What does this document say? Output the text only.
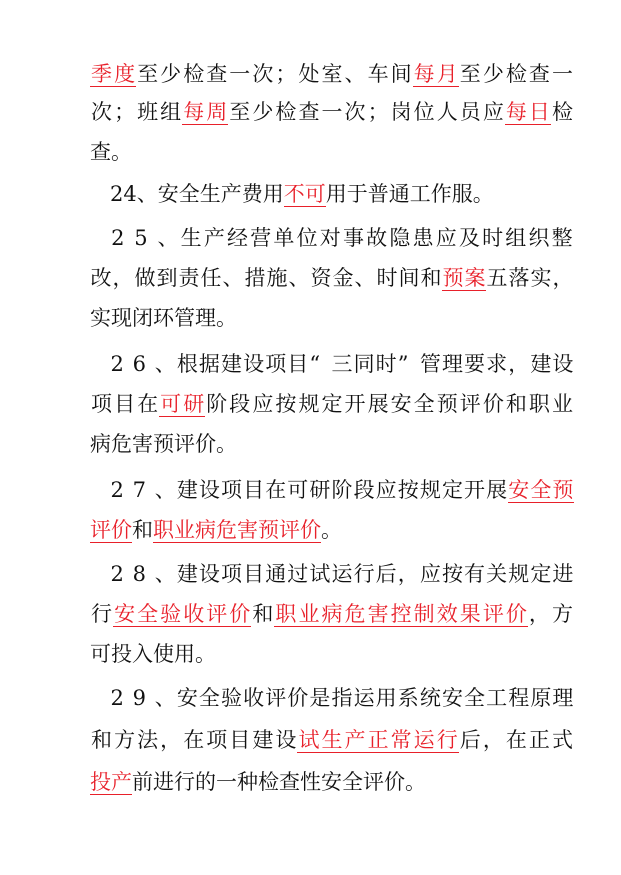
季度 至 少 检 查 一 次 ； 处 室 、 车 间 每月 至 少 检 查 一
次 ； 班 组 每周 至 少 检 查 一 次 ； 岗 位 人 员 应 每日 检
查。
24、安全生产费用不可用于普通工作服。
2 5 、 生 产 经 营 单 位 对 事 故 隐 患 应 及 时 组 织 整
改 ， 做 到 责 任 、 措 施 、 资 金 、 时 间 和 预案 五 落 实 ，
实现闭环管理。
2 6 、 根 据 建 设 项 目 “ 三 同 时 ” 管 理 要 求 ， 建 设
项 目 在 可研 阶 段 应 按 规 定 开 展 安 全 预 评 价 和 职 业
病危害预评价。
2 7 、 建 设 项 目 在 可 研 阶 段 应 按 规 定 开 展 安全预
评价和职业病危害预评价。
2 8 、 建 设 项 目 通 过 试 运 行 后 ， 应 按 有 关 规 定 进
行 安全验收评价 和 职业病危害控制效果评价 ， 方
可投入使用。
2 9 、 安 全 验 收 评 价 是 指 运 用 系 统 安 全 工 程 原 理
和 方 法 ， 在 项 目 建 设 试生产正常运行 后 ， 在 正 式
投产前进行的一种检查性安全评价。
